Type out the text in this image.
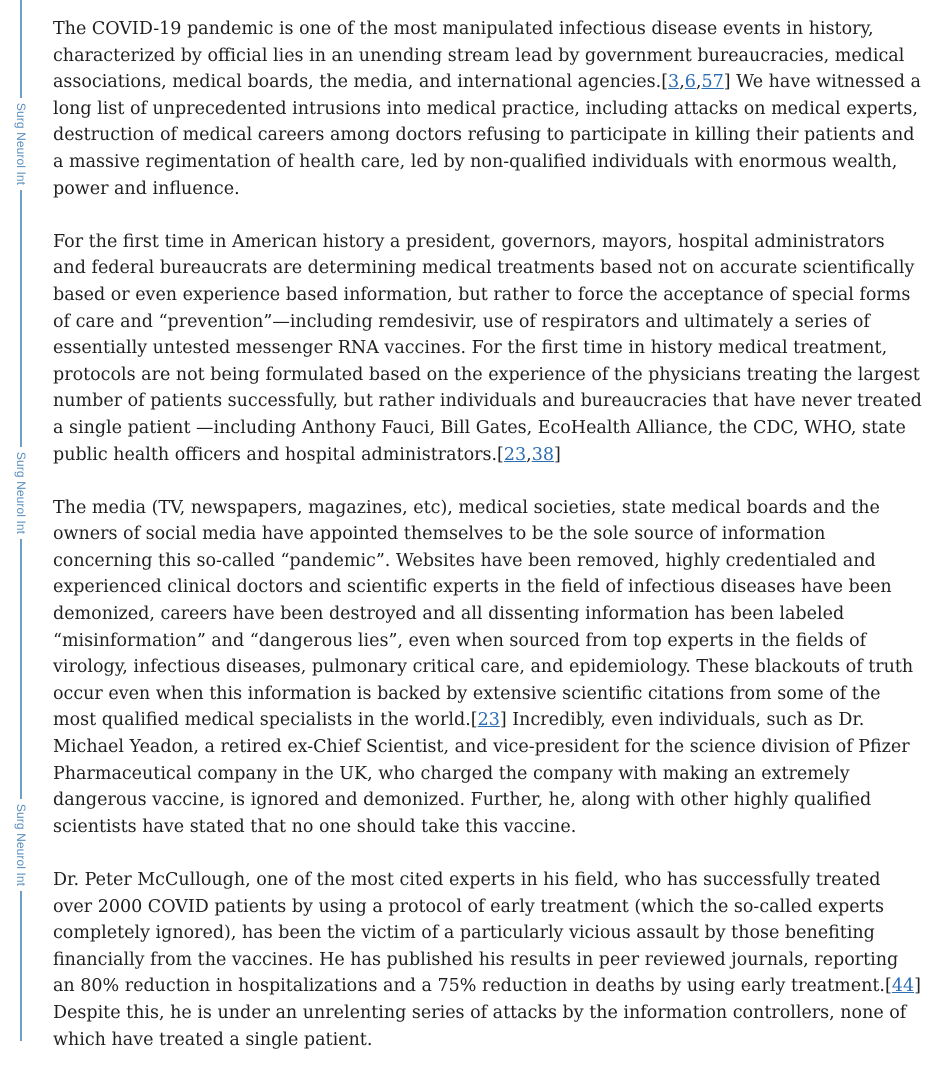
Surg Neurol Int
Surg Neurol Int
Surg Neurol Int

The COVID-19 pandemic is one of the most manipulated infectious disease events in history, characterized by official lies in an unending stream lead by government bureaucracies, medical associations, medical boards, the media, and international agencies.[3,6,57] We have witnessed a long list of unprecedented intrusions into medical practice, including attacks on medical experts, destruction of medical careers among doctors refusing to participate in killing their patients and a massive regimentation of health care, led by non-qualified individuals with enormous wealth, power and influence.

For the first time in American history a president, governors, mayors, hospital administrators and federal bureaucrats are determining medical treatments based not on accurate scientifically based or even experience based information, but rather to force the acceptance of special forms of care and “prevention”—including remdesivir, use of respirators and ultimately a series of essentially untested messenger RNA vaccines. For the first time in history medical treatment, protocols are not being formulated based on the experience of the physicians treating the largest number of patients successfully, but rather individuals and bureaucracies that have never treated a single patient —including Anthony Fauci, Bill Gates, EcoHealth Alliance, the CDC, WHO, state public health officers and hospital administrators.[23,38]

The media (TV, newspapers, magazines, etc), medical societies, state medical boards and the owners of social media have appointed themselves to be the sole source of information concerning this so-called “pandemic”. Websites have been removed, highly credentialed and experienced clinical doctors and scientific experts in the field of infectious diseases have been demonized, careers have been destroyed and all dissenting information has been labeled “misinformation” and “dangerous lies”, even when sourced from top experts in the fields of virology, infectious diseases, pulmonary critical care, and epidemiology. These blackouts of truth occur even when this information is backed by extensive scientific citations from some of the most qualified medical specialists in the world.[23] Incredibly, even individuals, such as Dr. Michael Yeadon, a retired ex-Chief Scientist, and vice-president for the science division of Pfizer Pharmaceutical company in the UK, who charged the company with making an extremely dangerous vaccine, is ignored and demonized. Further, he, along with other highly qualified scientists have stated that no one should take this vaccine.

Dr. Peter McCullough, one of the most cited experts in his field, who has successfully treated over 2000 COVID patients by using a protocol of early treatment (which the so-called experts completely ignored), has been the victim of a particularly vicious assault by those benefiting financially from the vaccines. He has published his results in peer reviewed journals, reporting an 80% reduction in hospitalizations and a 75% reduction in deaths by using early treatment.[44] Despite this, he is under an unrelenting series of attacks by the information controllers, none of which have treated a single patient.
